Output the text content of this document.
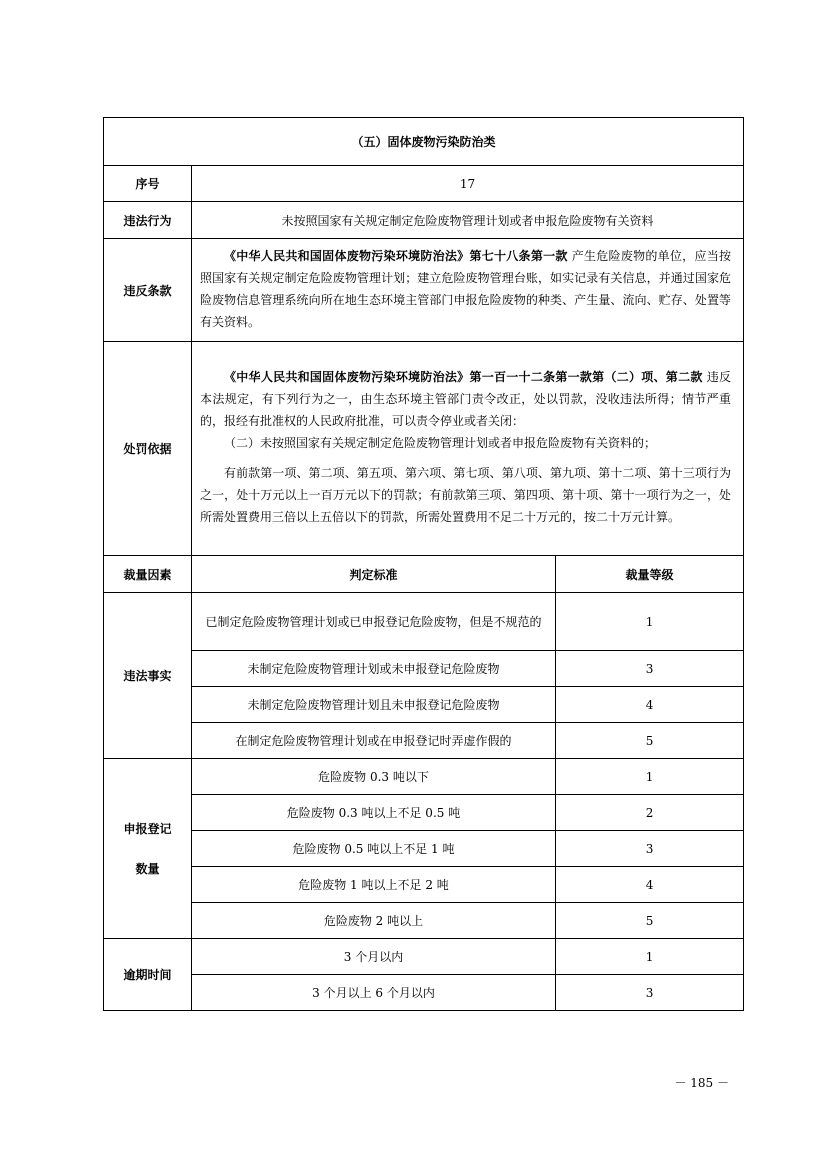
（五）固体废物污染防治类		
序号	17	
违法行为	未按照国家有关规定制定危险废物管理计划或者申报危险废物有关资料	
违反条款	《中华人民共和国固体废物污染环境防治法》第七十八条第一款 产生危险废物的单位，应当按照国家有关规定制定危险废物管理计划；建立危险废物管理台账，如实记录有关信息，并通过国家危险废物信息管理系统向所在地生态环境主管部门申报危险废物的种类、产生量、流向、贮存、处置等有关资料。	

处罚依据	《中华人民共和国固体废物污染环境防治法》第一百一十二条第一款第（二）项、第二款 违反本法规定，有下列行为之一，由生态环境主管部门责令改正，处以罚款，没收违法所得；情节严重的，报经有批准权的人民政府批准，可以责令停业或者关闭：
（二）未按照国家有关规定制定危险废物管理计划或者申报危险废物有关资料的；
有前款第一项、第二项、第五项、第六项、第七项、第八项、第九项、第十二项、第十三项行为之一，处十万元以上一百万元以下的罚款；有前款第三项、第四项、第十项、第十一项行为之一，处所需处置费用三倍以上五倍以下的罚款，所需处置费用不足二十万元的，按二十万元计算。	

裁量因素	判定标准	裁量等级
违法事实	已制定危险废物管理计划或已申报登记危险废物，但是不规范的	1
	未制定危险废物管理计划或未申报登记危险废物	3
	未制定危险废物管理计划且未申报登记危险废物	4
	在制定危险废物管理计划或在申报登记时弄虚作假的	5

申报登记
数量	危险废物 0.3 吨以下	1
	危险废物 0.3 吨以上不足 0.5 吨	2
	危险废物 0.5 吨以上不足 1 吨	3
	危险废物 1 吨以上不足 2 吨	4
	危险废物 2 吨以上	5
逾期时间	3 个月以内	1
	3 个月以上 6 个月以内	3
－ 185 －
